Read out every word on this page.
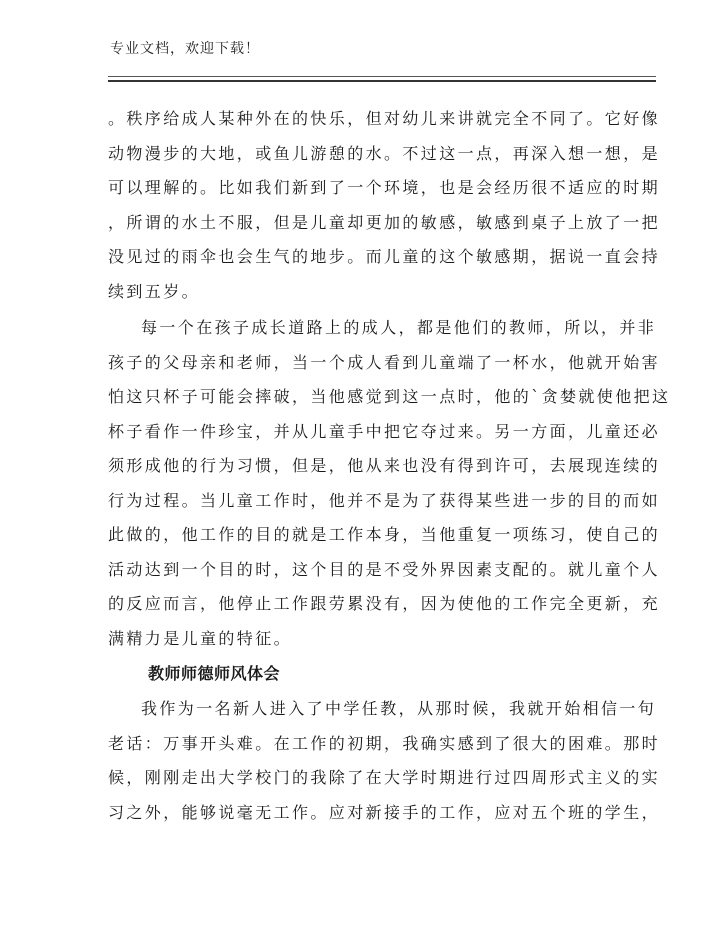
专业文档，欢迎下载！
。秩序给成人某种外在的快乐，但对幼儿来讲就完全不同了。它好像
动物漫步的大地，或鱼儿游憩的水。不过这一点，再深入想一想，是
可以理解的。比如我们新到了一个环境，也是会经历很不适应的时期
，所谓的水土不服，但是儿童却更加的敏感，敏感到桌子上放了一把
没见过的雨伞也会生气的地步。而儿童的这个敏感期，据说一直会持
续到五岁。
每一个在孩子成长道路上的成人，都是他们的教师，所以，并非
孩子的父母亲和老师，当一个成人看到儿童端了一杯水，他就开始害
怕这只杯子可能会摔破，当他感觉到这一点时，他的`贪婪就使他把这
杯子看作一件珍宝，并从儿童手中把它夺过来。另一方面，儿童还必
须形成他的行为习惯，但是，他从来也没有得到许可，去展现连续的
行为过程。当儿童工作时，他并不是为了获得某些进一步的目的而如
此做的，他工作的目的就是工作本身，当他重复一项练习，使自己的
活动达到一个目的时，这个目的是不受外界因素支配的。就儿童个人
的反应而言，他停止工作跟劳累没有，因为使他的工作完全更新，充
满精力是儿童的特征。
教师师德师风体会
我作为一名新人进入了中学任教，从那时候，我就开始相信一句
老话：万事开头难。在工作的初期，我确实感到了很大的困难。那时
候，刚刚走出大学校门的我除了在大学时期进行过四周形式主义的实
习之外，能够说毫无工作。应对新接手的工作，应对五个班的学生，
